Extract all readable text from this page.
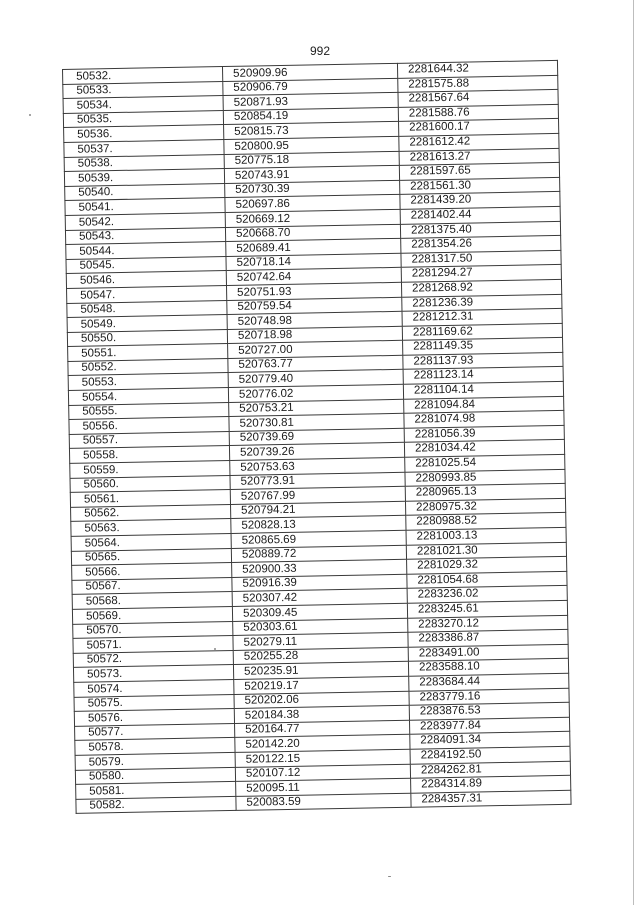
992
50532.	520909.96	2281644.32
50533.	520906.79	2281575.88
50534.	520871.93	2281567.64
50535.	520854.19	2281588.76
50536.	520815.73	2281600.17
50537.	520800.95	2281612.42
50538.	520775.18	2281613.27
50539.	520743.91	2281597.65
50540.	520730.39	2281561.30
50541.	520697.86	2281439.20
50542.	520669.12	2281402.44
50543.	520668.70	2281375.40
50544.	520689.41	2281354.26
50545.	520718.14	2281317.50
50546.	520742.64	2281294.27
50547.	520751.93	2281268.92
50548.	520759.54	2281236.39
50549.	520748.98	2281212.31
50550.	520718.98	2281169.62
50551.	520727.00	2281149.35
50552.	520763.77	2281137.93
50553.	520779.40	2281123.14
50554.	520776.02	2281104.14
50555.	520753.21	2281094.84
50556.	520730.81	2281074.98
50557.	520739.69	2281056.39
50558.	520739.26	2281034.42
50559.	520753.63	2281025.54
50560.	520773.91	2280993.85
50561.	520767.99	2280965.13
50562.	520794.21	2280975.32
50563.	520828.13	2280988.52
50564.	520865.69	2281003.13
50565.	520889.72	2281021.30
50566.	520900.33	2281029.32
50567.	520916.39	2281054.68
50568.	520307.42	2283236.02
50569.	520309.45	2283245.61
50570.	520303.61	2283270.12
50571.	520279.11	2283386.87
50572.	520255.28	2283491.00
50573.	520235.91	2283588.10
50574.	520219.17	2283684.44
50575.	520202.06	2283779.16
50576.	520184.38	2283876.53
50577.	520164.77	2283977.84
50578.	520142.20	2284091.34
50579.	520122.15	2284192.50
50580.	520107.12	2284262.81
50581.	520095.11	2284314.89
50582.	520083.59	2284357.31
